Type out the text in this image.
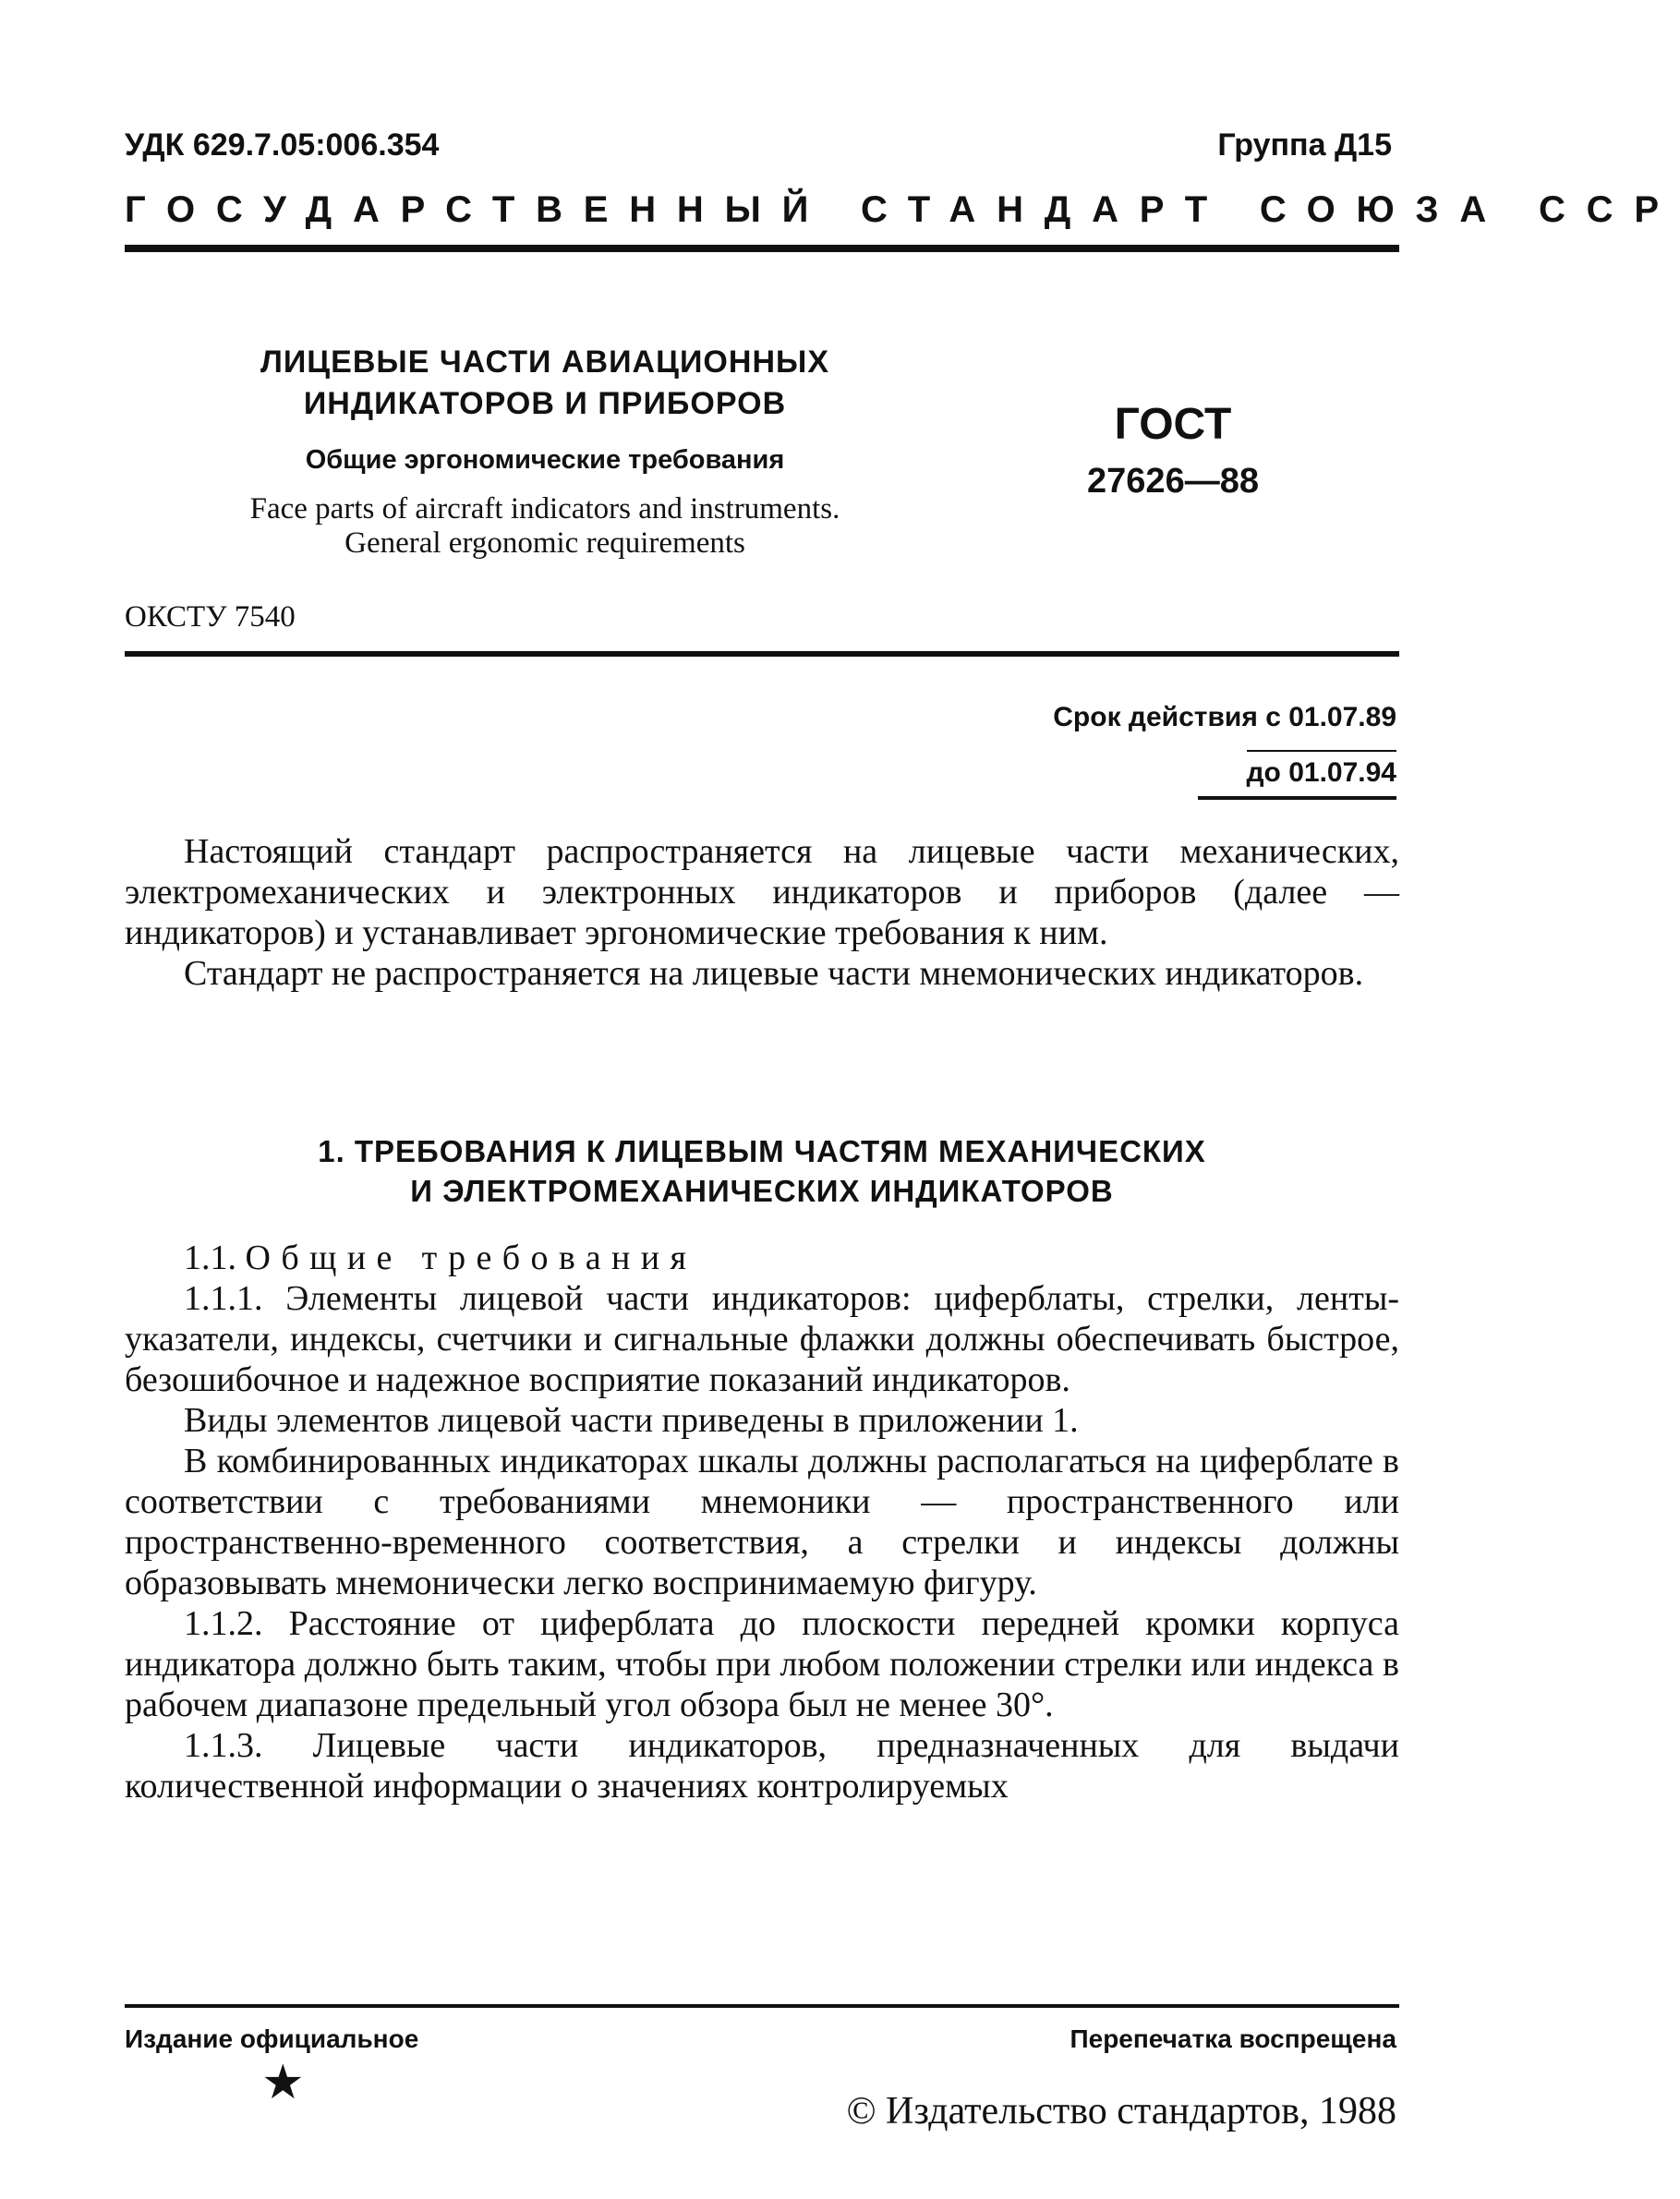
УДК 629.7.05:006.354	Группа Д15
ГОСУДАРСТВЕННЫЙ СТАНДАРТ СОЮЗА ССР
ЛИЦЕВЫЕ ЧАСТИ АВИАЦИОННЫХ
ИНДИКАТОРОВ И ПРИБОРОВ
Общие эргономические требования
Face parts of aircraft indicators and instruments.
General ergonomic requirements
ГОСТ
27626—88
ОКСТУ 7540
Срок действия с 01.07.89
до 01.07.94

Настоящий стандарт распространяется на лицевые части механических, электромеханических и электронных индикаторов и приборов (далее — индикаторов) и устанавливает эргономические требования к ним.

Стандарт не распространяется на лицевые части мнемонических индикаторов.

1. ТРЕБОВАНИЯ К ЛИЦЕВЫМ ЧАСТЯМ МЕХАНИЧЕСКИХ
И ЭЛЕКТРОМЕХАНИЧЕСКИХ ИНДИКАТОРОВ

1.1. Общие требования

1.1.1. Элементы лицевой части индикаторов: циферблаты, стрелки, ленты-указатели, индексы, счетчики и сигнальные флажки должны обеспечивать быстрое, безошибочное и надежное восприятие показаний индикаторов.

Виды элементов лицевой части приведены в приложении 1.

В комбинированных индикаторах шкалы должны располагаться на циферблате в соответствии с требованиями мнемоники — пространственного или пространственно-временного соответствия, а стрелки и индексы должны образовывать мнемонически легко воспринимаемую фигуру.

1.1.2. Расстояние от циферблата до плоскости передней кромки корпуса индикатора должно быть таким, чтобы при любом положении стрелки или индекса в рабочем диапазоне предельный угол обзора был не менее 30°.

1.1.3. Лицевые части индикаторов, предназначенных для выдачи количественной информации о значениях контролируемых

Издание официальное	Перепечатка воспрещена
★
© Издательство стандартов, 1988
